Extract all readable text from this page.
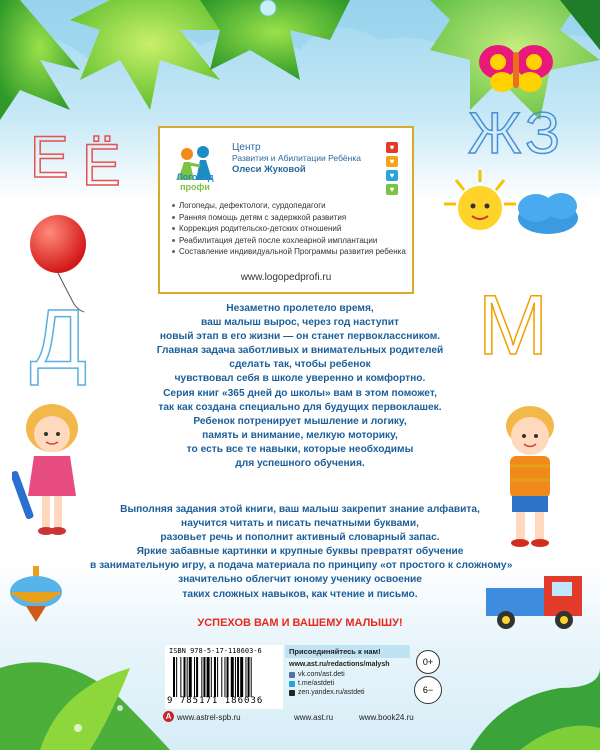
Е Ё	Ж З
Д	М
Логопед
профи
Центр
Развития и Абилитации Ребёнка
Олеси Жуковой
♥
♥
♥
♥
Логопеды, дефектологи, сурдопедагоги
Ранняя помощь детям с задержкой развития
Коррекция родительско-детских отношений
Реабилитация детей после кохлеарной имплантации
Составление индивидуальной Программы развития ребенка
www.logopedprofi.ru
Незаметно пролетело время,
ваш малыш вырос, через год наступит
новый этап в его жизни — он станет первоклассником.
Главная задача заботливых и внимательных родителей
сделать так, чтобы ребенок
чувствовал себя в школе уверенно и комфортно.
Серия книг «365 дней до школы» вам в этом поможет,
так как создана специально для будущих первоклашек.
Ребенок потренирует мышление и логику,
память и внимание, мелкую моторику,
то есть все те навыки, которые необходимы
для успешного обучения.
Выполняя задания этой книги, ваш малыш закрепит знание алфавита,
научится читать и писать печатными буквами,
разовьет речь и пополнит активный словарный запас.
Яркие забавные картинки и крупные буквы превратят обучение
в занимательную игру, а подача материала по принципу «от простого к сложному»
значительно облегчит юному ученику освоение
таких сложных навыков, как чтение и письмо.
УСПЕХОВ ВАМ И ВАШЕМУ МАЛЫШУ!
ISBN 978-5-17-118603-6
9 785171 186036
Присоединяйтесь к нам!
www.ast.ru/redactions/malysh
vk.com/ast.deti
t.me/astdeti
zen.yandex.ru/astdeti
0+
6−
A www.astrel-spb.ru	www.ast.ru	www.book24.ru
